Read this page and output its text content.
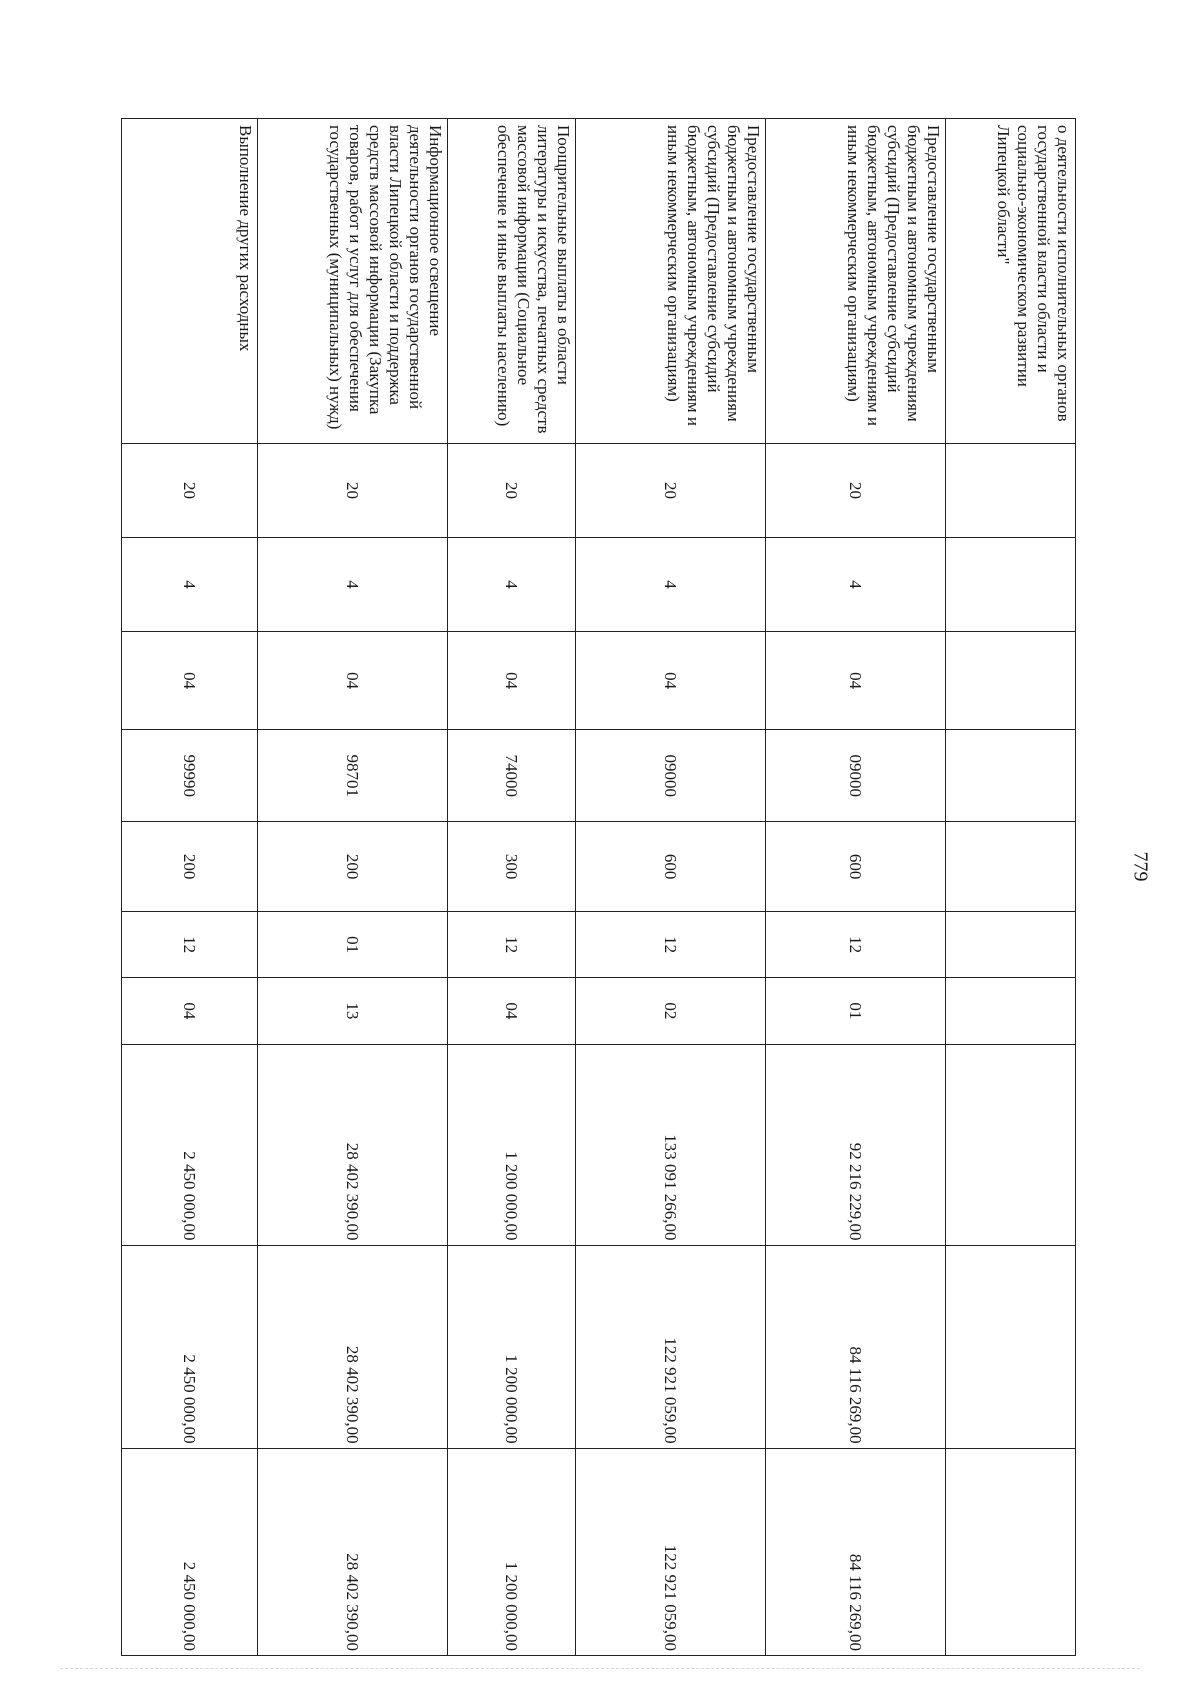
779
о деятельности исполнительных органов государственной власти области и социально-экономическом развитии Липецкой области"										
Предоставление государственным бюджетным и автономным учреждениям субсидий (Предоставление субсидий бюджетным, автономным учреждениям и иным некоммерческим организациям)	20	4	04	09000	600	12	01	92 216 229,00	84 116 269,00	84 116 269,00
Предоставление государственным бюджетным и автономным учреждениям субсидий (Предоставление субсидий бюджетным, автономным учреждениям и иным некоммерческим организациям)	20	4	04	09000	600	12	02	133 091 266,00	122 921 059,00	122 921 059,00
Поощрительные выплаты в области литературы и искусства, печатных средств массовой информации (Социальное обеспечение и иные выплаты населению)	20	4	04	74000	300	12	04	1 200 000,00	1 200 000,00	1 200 000,00
Информационное освещение деятельности органов государственной власти Липецкой области и поддержка средств массовой информации (Закупка товаров, работ и услуг для обеспечения государственных (муниципальных) нужд)	20	4	04	98701	200	01	13	28 402 390,00	28 402 390,00	28 402 390,00
Выполнение других расходных	20	4	04	99990	200	12	04	2 450 000,00	2 450 000,00	2 450 000,00
